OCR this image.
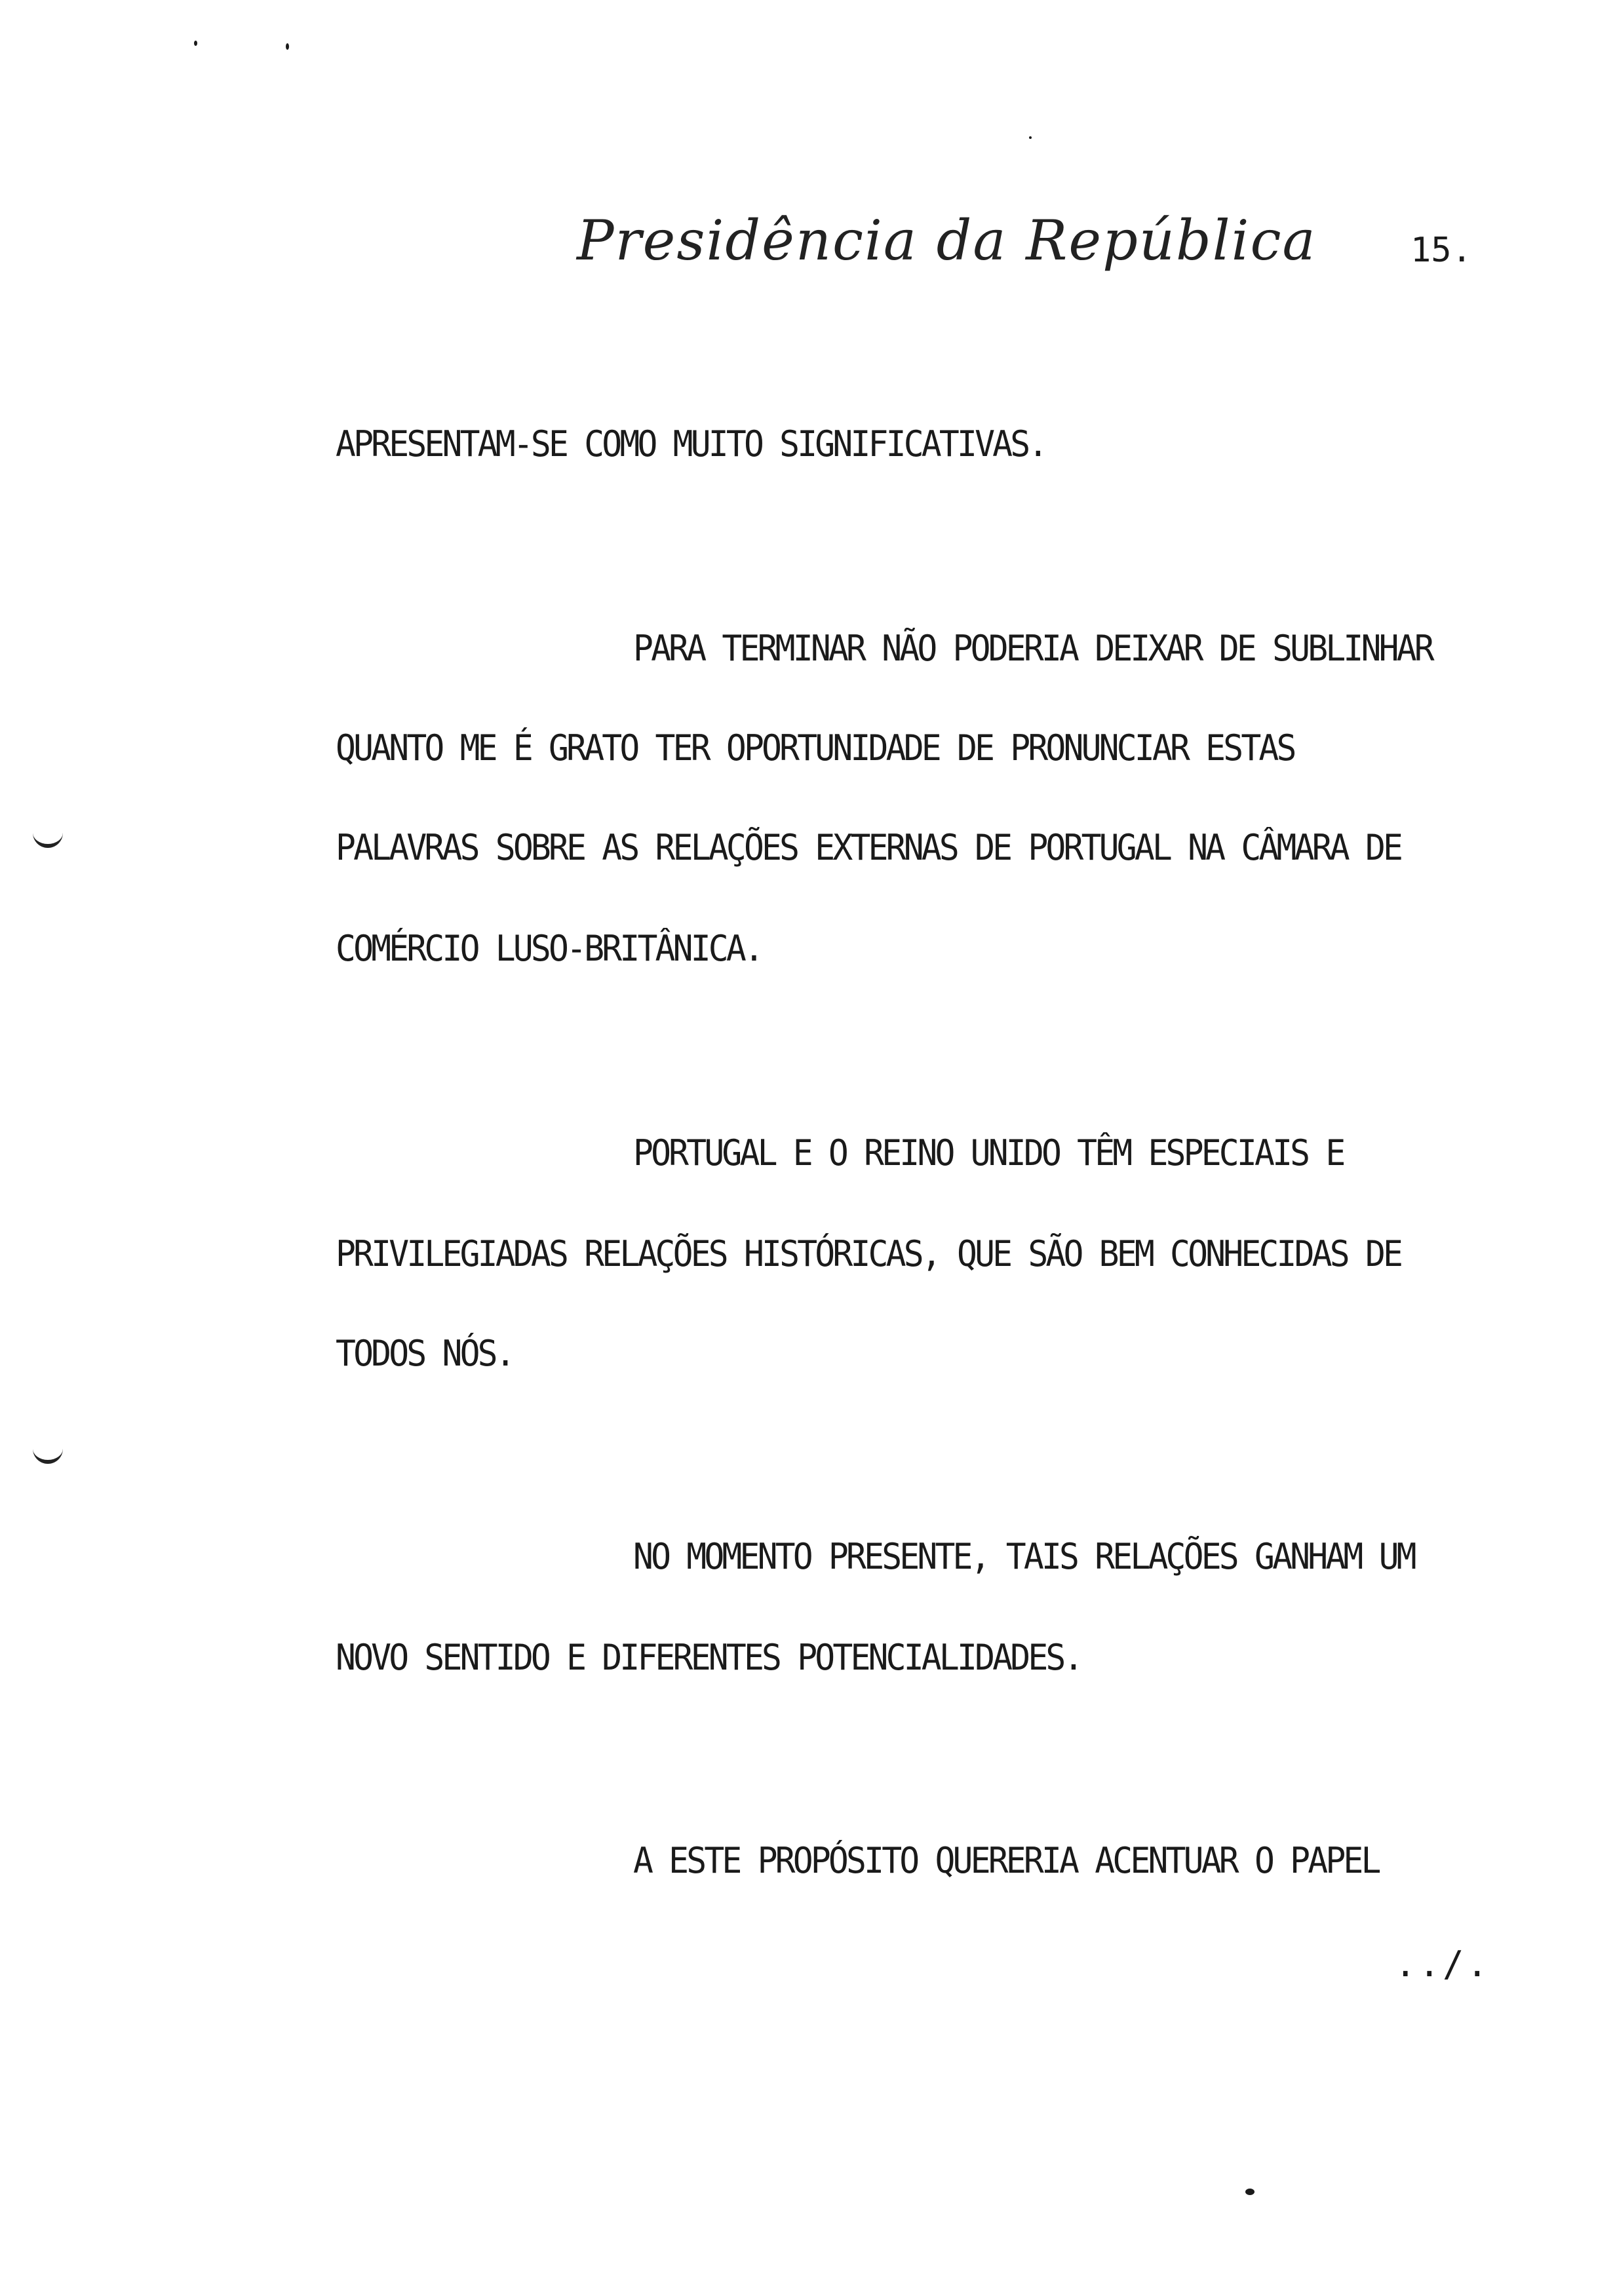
Presidência da República	15.
APRESENTAM-SE COMO MUITO SIGNIFICATIVAS.
PARA TERMINAR NÃO PODERIA DEIXAR DE SUBLINHAR
QUANTO ME É GRATO TER OPORTUNIDADE DE PRONUNCIAR ESTAS
PALAVRAS SOBRE AS RELAÇÕES EXTERNAS DE PORTUGAL NA CÂMARA DE
COMÉRCIO LUSO-BRITÂNICA.
PORTUGAL E O REINO UNIDO TÊM ESPECIAIS E
PRIVILEGIADAS RELAÇÕES HISTÓRICAS, QUE SÃO BEM CONHECIDAS DE
TODOS NÓS.
NO MOMENTO PRESENTE, TAIS RELAÇÕES GANHAM UM
NOVO SENTIDO E DIFERENTES POTENCIALIDADES.
A ESTE PROPÓSITO QUERERIA ACENTUAR O PAPEL
../.
